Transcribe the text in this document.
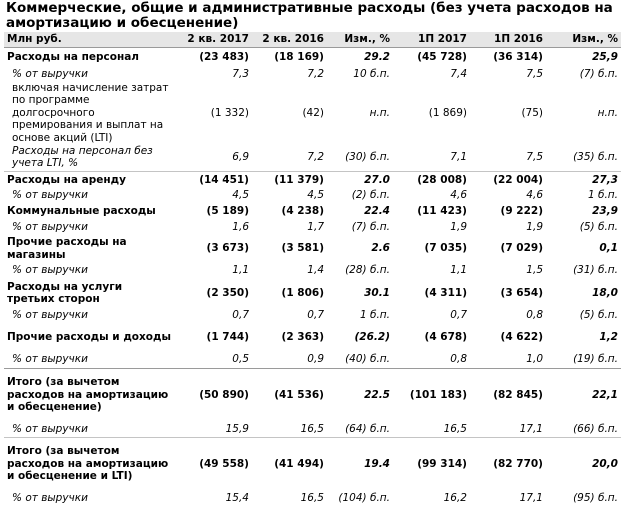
Коммерческие, общие и административные расходы (без учета расходов на амортизацию и обесценение)
Млн руб.	2 кв. 2017	2 кв. 2016	Изм., %	1П 2017	1П 2016	Изм., %
Расходы на персонал	(23 483)	(18 169)	29.2	(45 728)	(36 314)	25,9
% от выручки	7,3	7,2	10 б.п.	7,4	7,5	(7) б.п.
включая начисление затрат по программе долгосрочного премирования и выплат на основе акций (LTI)	(1 332)	(42)	н.п.	(1 869)	(75)	н.п.
Расходы на персонал без учета LTI, %	6,9	7,2	(30) б.п.	7,1	7,5	(35) б.п.
Расходы на аренду	(14 451)	(11 379)	27.0	(28 008)	(22 004)	27,3
% от выручки	4,5	4,5	(2) б.п.	4,6	4,6	1 б.п.
Коммунальные расходы	(5 189)	(4 238)	22.4	(11 423)	(9 222)	23,9
% от выручки	1,6	1,7	(7) б.п.	1,9	1,9	(5) б.п.
Прочие расходы на магазины	(3 673)	(3 581)	2.6	(7 035)	(7 029)	0,1
% от выручки	1,1	1,4	(28) б.п.	1,1	1,5	(31) б.п.
Расходы на услуги третьих сторон	(2 350)	(1 806)	30.1	(4 311)	(3 654)	18,0
% от выручки	0,7	0,7	1 б.п.	0,7	0,8	(5) б.п.
Прочие расходы и доходы	(1 744)	(2 363)	(26.2)	(4 678)	(4 622)	1,2
% от выручки	0,5	0,9	(40) б.п.	0,8	1,0	(19) б.п.
Итого (за вычетом расходов на амортизацию и обесценение)	(50 890)	(41 536)	22.5	(101 183)	(82 845)	22,1
% от выручки	15,9	16,5	(64) б.п.	16,5	17,1	(66) б.п.
Итого (за вычетом расходов на амортизацию и обесценение и LTI)	(49 558)	(41 494)	19.4	(99 314)	(82 770)	20,0
% от выручки	15,4	16,5	(104) б.п.	16,2	17,1	(95) б.п.
